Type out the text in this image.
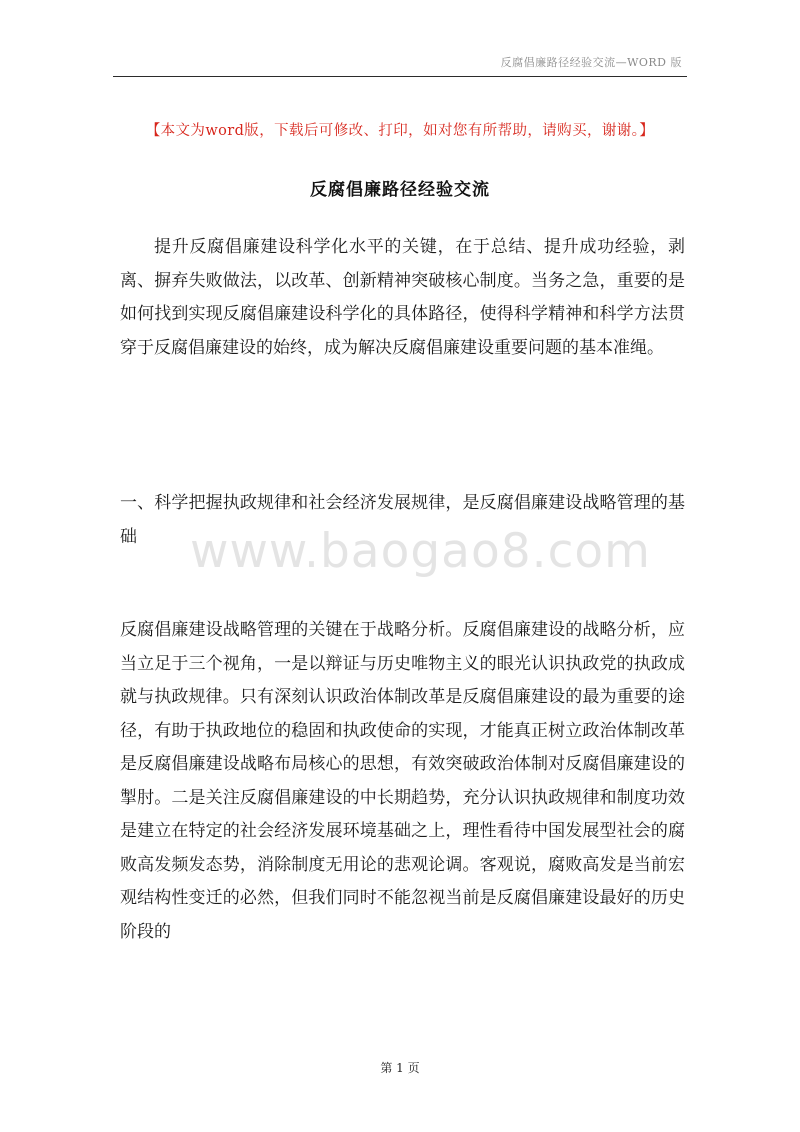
反腐倡廉路径经验交流—WORD 版
【本文为word版，下载后可修改、打印，如对您有所帮助，请购买，谢谢。】
反腐倡廉路径经验交流

提升反腐倡廉建设科学化水平的关键，在于总结、提升成功经验，剥离、摒弃失败做法，以改革、创新精神突破核心制度。当务之急，重要的是如何找到实现反腐倡廉建设科学化的具体路径，使得科学精神和科学方法贯穿于反腐倡廉建设的始终，成为解决反腐倡廉建设重要问题的基本准绳。

一、科学把握执政规律和社会经济发展规律，是反腐倡廉建设战略管理的基础	www.baogao8.com

反腐倡廉建设战略管理的关键在于战略分析。反腐倡廉建设的战略分析，应当立足于三个视角，一是以辩证与历史唯物主义的眼光认识执政党的执政成就与执政规律。只有深刻认识政治体制改革是反腐倡廉建设的最为重要的途径，有助于执政地位的稳固和执政使命的实现，才能真正树立政治体制改革是反腐倡廉建设战略布局核心的思想，有效突破政治体制对反腐倡廉建设的掣肘。二是关注反腐倡廉建设的中长期趋势，充分认识执政规律和制度功效是建立在特定的社会经济发展环境基础之上，理性看待中国发展型社会的腐败高发频发态势，消除制度无用论的悲观论调。客观说，腐败高发是当前宏观结构性变迁的必然，但我们同时不能忽视当前是反腐倡廉建设最好的历史阶段的

第 1 页
